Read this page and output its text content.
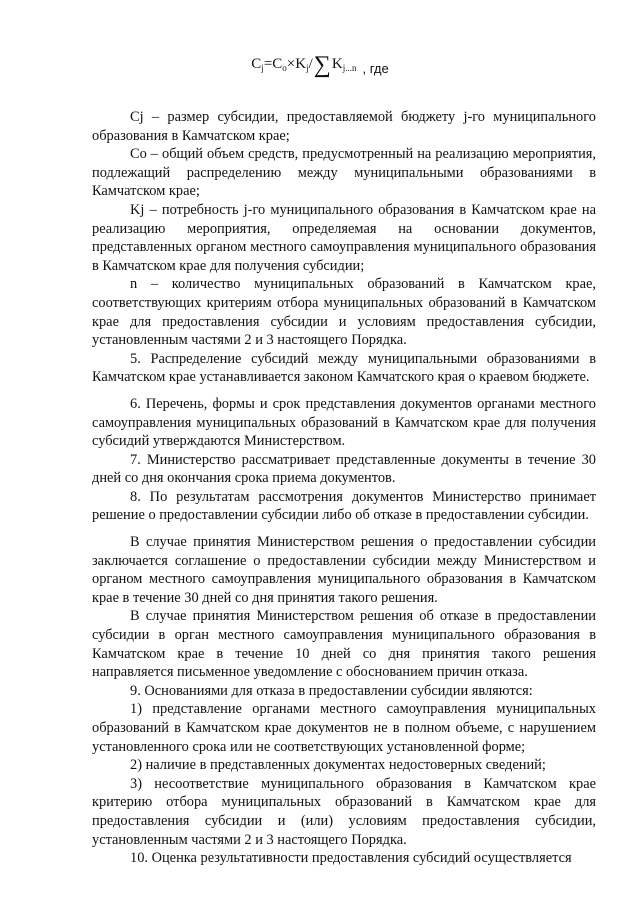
$C_j=C_o\times K_j/\sum K_{j...n}$ , где

Cj – размер субсидии, предоставляемой бюджету j-го муниципального образования в Камчатском крае;

Co – общий объем средств, предусмотренный на реализацию мероприятия, подлежащий распределению между муниципальными образованиями в Камчатском крае;

Kj – потребность j-го муниципального образования в Камчатском крае на реализацию мероприятия, определяемая на основании документов, представленных органом местного самоуправления муниципального образования в Камчатском крае для получения субсидии;

n – количество муниципальных образований в Камчатском крае, соответствующих критериям отбора муниципальных образований в Камчатском крае для предоставления субсидии и условиям предоставления субсидии, установленным частями 2 и 3 настоящего Порядка.

5. Распределение субсидий между муниципальными образованиями в Камчатском крае устанавливается законом Камчатского края о краевом бюджете.

6. Перечень, формы и срок представления документов органами местного самоуправления муниципальных образований в Камчатском крае для получения субсидий утверждаются Министерством.

7. Министерство рассматривает представленные документы в течение 30 дней со дня окончания срока приема документов.

8. По результатам рассмотрения документов Министерство принимает решение о предоставлении субсидии либо об отказе в предоставлении субсидии.

В случае принятия Министерством решения о предоставлении субсидии заключается соглашение о предоставлении субсидии между Министерством и органом местного самоуправления муниципального образования в Камчатском крае в течение 30 дней со дня принятия такого решения.

В случае принятия Министерством решения об отказе в предоставлении субсидии в орган местного самоуправления муниципального образования в Камчатском крае в течение 10 дней со дня принятия такого решения направляется письменное уведомление с обоснованием причин отказа.

9. Основаниями для отказа в предоставлении субсидии являются:

1) представление органами местного самоуправления муниципальных образований в Камчатском крае документов не в полном объеме, с нарушением установленного срока или не соответствующих установленной форме;

2) наличие в представленных документах недостоверных сведений;

3) несоответствие муниципального образования в Камчатском крае критерию отбора муниципальных образований в Камчатском крае для предоставления субсидии и (или) условиям предоставления субсидии, установленным частями 2 и 3 настоящего Порядка.

10. Оценка результативности предоставления субсидий осуществляется
